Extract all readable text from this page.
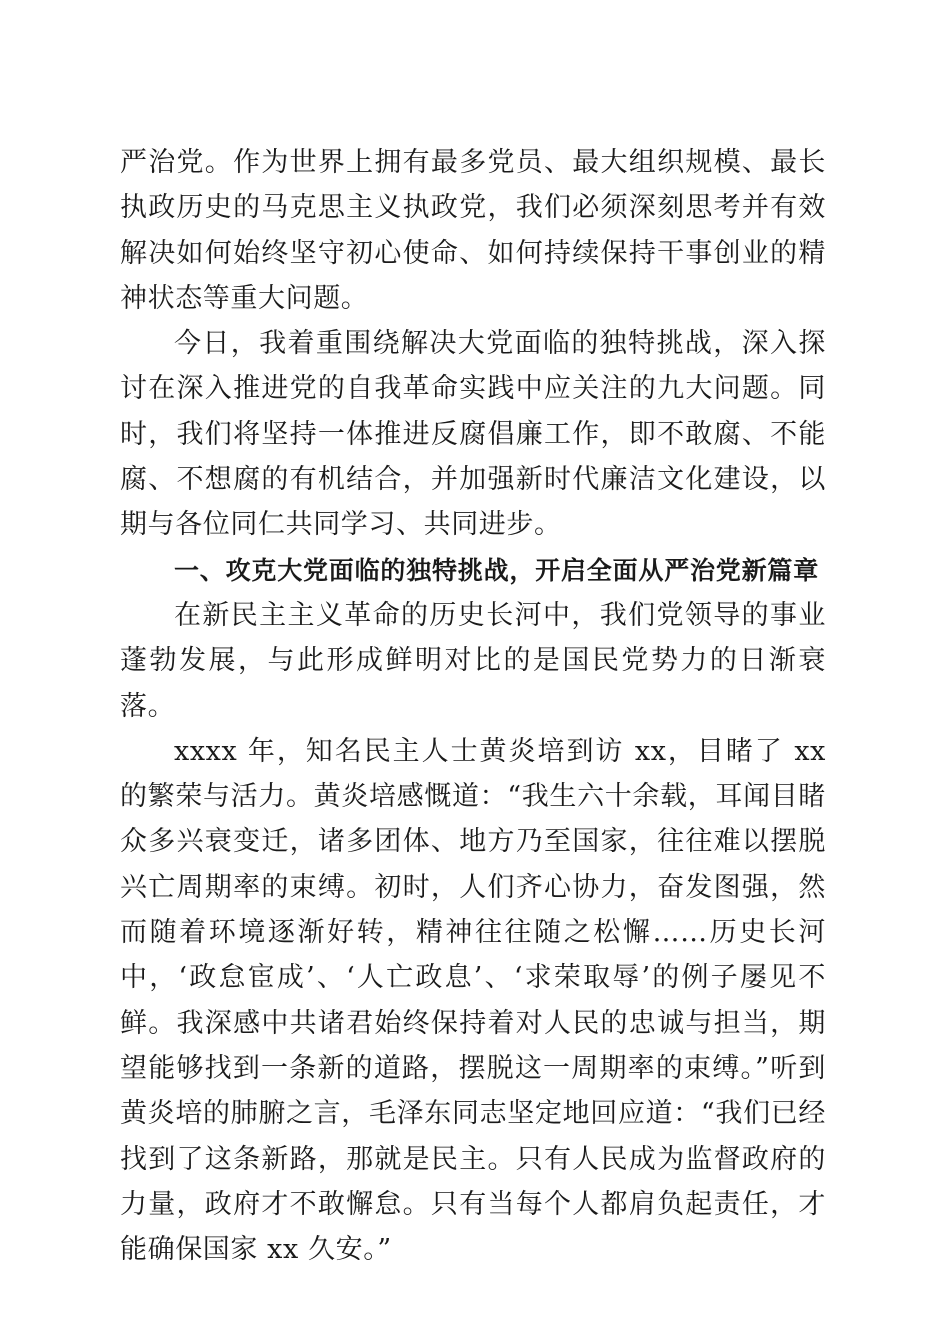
严治党。作为世界上拥有最多党员、最大组织规模、最长执政历史的马克思主义执政党，我们必须深刻思考并有效解决如何始终坚守初心使命、如何持续保持干事创业的精神状态等重大问题。

今日，我着重围绕解决大党面临的独特挑战，深入探讨在深入推进党的自我革命实践中应关注的九大问题。同时，我们将坚持一体推进反腐倡廉工作，即不敢腐、不能腐、不想腐的有机结合，并加强新时代廉洁文化建设，以期与各位同仁共同学习、共同进步。

一、攻克大党面临的独特挑战，开启全面从严治党新篇章

在新民主主义革命的历史长河中，我们党领导的事业蓬勃发展，与此形成鲜明对比的是国民党势力的日渐衰落。

xxxx 年，知名民主人士黄炎培到访 xx，目睹了 xx 的繁荣与活力。黄炎培感慨道：“我生六十余载，耳闻目睹众多兴衰变迁，诸多团体、地方乃至国家，往往难以摆脱兴亡周期率的束缚。初时，人们齐心协力，奋发图强，然而随着环境逐渐好转，精神往往随之松懈……历史长河中，‘政怠宦成’、‘人亡政息’、‘求荣取辱’的例子屡见不鲜。我深感中共诸君始终保持着对人民的忠诚与担当，期望能够找到一条新的道路，摆脱这一周期率的束缚。”听到黄炎培的肺腑之言，毛泽东同志坚定地回应道：“我们已经找到了这条新路，那就是民主。只有人民成为监督政府的力量，政府才不敢懈怠。只有当每个人都肩负起责任，才能确保国家 xx 久安。”
